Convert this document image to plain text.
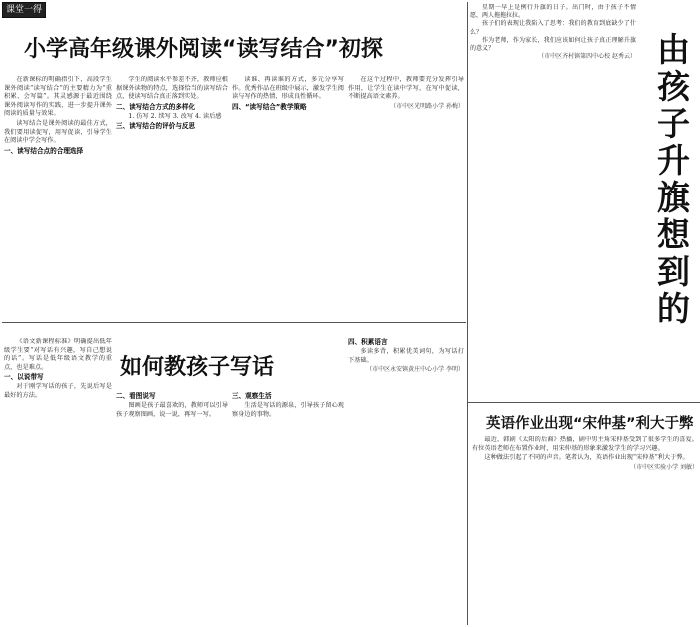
课堂一得
小学高年级课外阅读“读写结合”初探

在新课标的明确指引下，高段学生课外阅读“读写结合”的主要精力为“重积累、会写篇”。其灵感源于最近围绕课外阅读写作的实践，进一步提升课外阅读的质量与效果。

读写结合是课外阅读的最佳方式，我们要用读促写，用写促读，引导学生在阅读中学会写作。

一、读写结合点的合理选择

学生的阅读水平参差不齐，教师应根据课外读物的特点，选择恰当的读写结合点，使读写结合真正落到实处。

二、读写结合方式的多样化

1. 仿写 2. 续写 3. 改写 4. 读后感

三、读写结合的评价与反思

读谁、再读谁的方式，多元分享写作。优秀作品在班级中展示，激发学生阅读与写作的热情，形成良性循环。

四、“读写结合”教学策略

在这个过程中，教师要充分发挥引导作用，让学生在读中学写，在写中促读，不断提高语文素养。

（市中区光明路小学 孙梅）

如何教孩子写话

《语文新课程标准》明确提出低年级学生要“对写话有兴趣，写自己想说的话”。写话是低年级语文教学的重点，也是难点。

一、以说带写

对于刚学写话的孩子，先说后写是最好的方法。	二、看图说写

图画是孩子最喜欢的，教师可以引导孩子观察图画，说一说，再写一写。

三、观察生活

生活是写话的源泉，引导孩子留心观察身边的事物。

四、积累语言

多读多背，积累优美词句，为写话打下基础。

（市中区永安镇黄庄中心小学 李明）

星期一早上是例行升旗的日子。出门时，由于孩子不情愿，两人拖拖拉拉。

孩子们的表现让我陷入了思考：我们的教育到底缺少了什么？

作为老师，作为家长，我们应该如何让孩子真正理解升旗的意义？

（市中区齐村镇第四中心校 赵秀云） 由孩子升旗想到的
英语作业出现“宋仲基”利大于弊

最近，韩剧《太阳的后裔》热播，剧中男主角宋仲基受到了很多学生的喜爱。有位英语老师在布置作业时，用宋仲基的形象来激发学生的学习兴趣。

这种做法引起了不同的声音。笔者认为，英语作业出现“宋仲基”利大于弊。

（市中区实验小学 刘敏）
